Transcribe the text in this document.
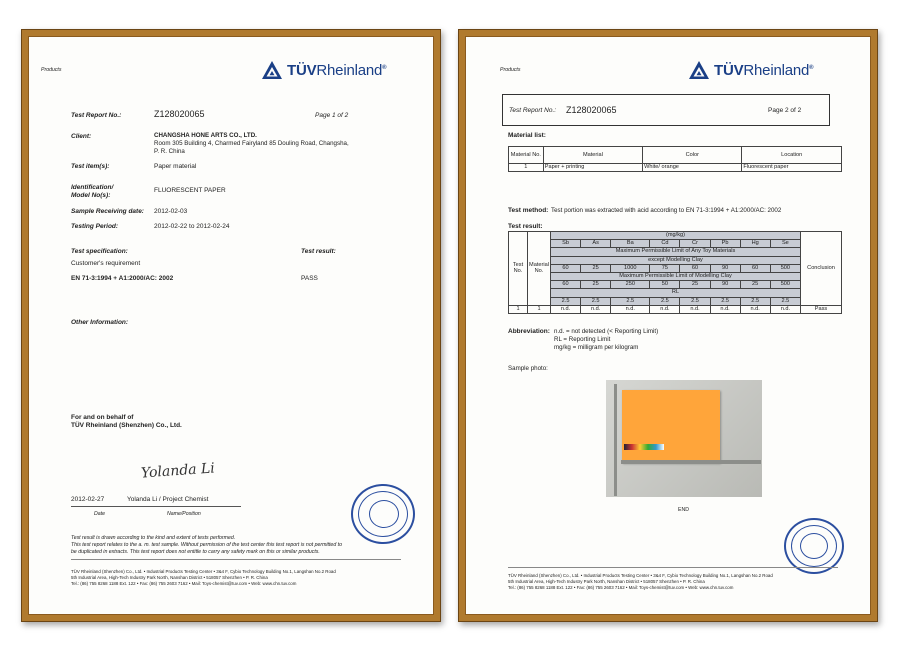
Products	TÜVRheinland®
Test Report No.:	Z128020065	Page 1 of 2
Client:	CHANGSHA HONE ARTS CO., LTD.
Room 305 Building 4, Charmed Fairyland 85 Douling Road, Changsha,
P. R. China
Test item(s):	Paper material
Identification/
Model No(s):
FLUORESCENT PAPER
Sample Receiving date: 2012-02-03
Testing Period:	2012-02-22 to 2012-02-24
Test specification:	Test result:
Customer's requirement
EN 71-3:1994 + A1:2000/AC: 2002	PASS
Other Information:
For and on behalf of
TÜV Rheinland (Shenzhen) Co., Ltd.
Yolanda Li
2012-02-27	Yolanda Li / Project Chemist
Date	Name/Position
Test result is drawn according to the kind and extent of tests performed.
This test report relates to the a. m. test sample. Without permission of the test center this test report is not permitted to
be duplicated in extracts. This test report does not entitle to carry any safety mark on this or similar products.
TÜV Rheinland (Shenzhen) Co., Ltd. • Industrial Products Testing Center • 3&4 F, Cybio Technology Building No.1, Langshan No.2 Road
5th Industrial Area, High-Tech Industry Park North, Nanshan District • 518057 Shenzhen • P. R. China
Tel.: (86) 755 8268 1188 Ext. 122 • Fax: (86) 755 2603 7162 • Mail: Toys-chemist@tuv.com • Web: www.chn.tuv.com
Products	TÜVRheinland®
Test Report No.: Z128020065	Page 2 of 2
Material list:
Material No.	Material	Color	Location
1	Paper + printing	White/ orange	Fluorescent paper
Test method: Test portion was extracted with acid according to EN 71-3:1994 + A1:2000/AC: 2002
Test result:
Test No.	Material No.	(mg/kg)								Conclusion
		Sb	As	Ba	Cd	Cr	Pb	Hg	Se	
		Maximum Permissible Limit of Any Toy Materials								
		except Modelling Clay								
		60	25	1000	75	60	90	60	500	
		Maximum Permissible Limit of Modelling Clay								
		60	25	250	50	25	90	25	500	
		RL								
		2.5	2.5	2.5	2.5	2.5	2.5	2.5	2.5	
1	1	n.d.	n.d.	n.d.	n.d.	n.d.	n.d.	n.d.	n.d.	Pass
Abbreviation: n.d. = not detected (< Reporting Limit)
RL = Reporting Limit
mg/kg = milligram per kilogram
Sample photo:
END
TÜV Rheinland (Shenzhen) Co., Ltd. • Industrial Products Testing Center • 3&4 F, Cybio Technology Building No.1, Langshan No.2 Road
5th Industrial Area, High-Tech Industry Park North, Nanshan District • 518057 Shenzhen • P. R. China
Tel.: (86) 755 8268 1188 Ext. 122 • Fax: (86) 755 2603 7162 • Mail: Toys-chemist@tuv.com • Web: www.chn.tuv.com
